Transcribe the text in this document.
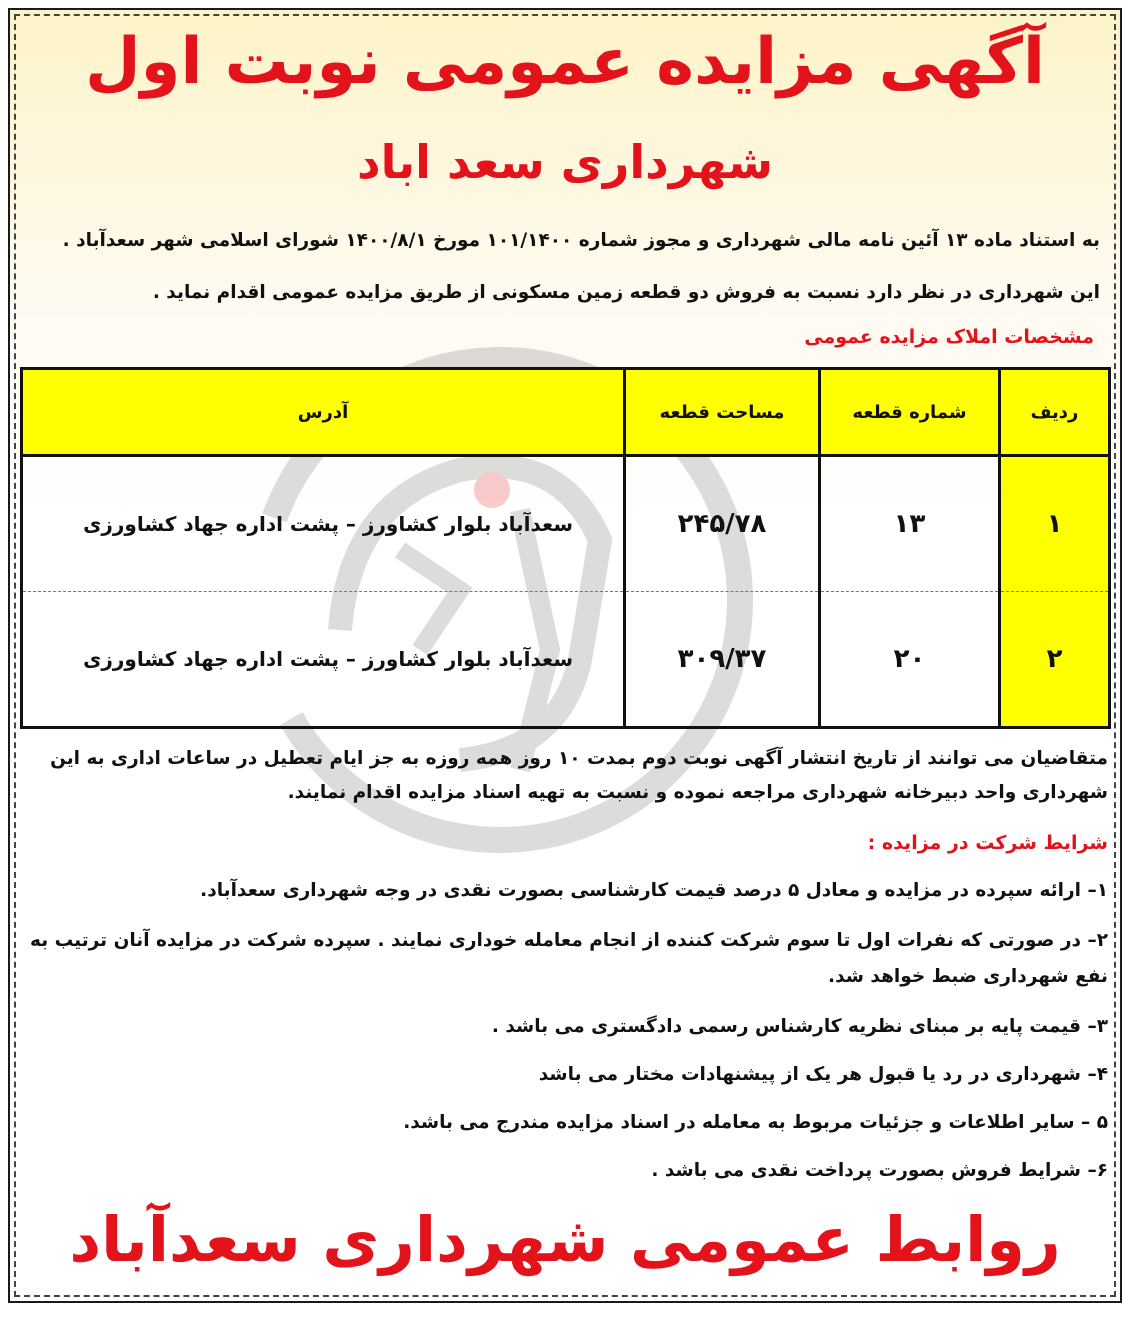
آگهی مزایده عمومی نوبت اول
شهرداری سعد اباد
به استناد ماده ۱۳ آئین نامه مالی شهرداری و مجوز شماره ۱۰۱/۱۴۰۰ مورخ ۱۴۰۰/۸/۱ شورای اسلامی شهر سعدآباد .
این شهرداری در نظر دارد نسبت به فروش دو قطعه زمین مسکونی از طریق مزایده عمومی اقدام نماید .
مشخصات املاک مزایده عمومی
ردیف	شماره قطعه	مساحت قطعه	آدرس
۱	۱۳	۲۴۵/۷۸	سعدآباد بلوار کشاورز – پشت اداره جهاد کشاورزی
۲	۲۰	۳۰۹/۳۷	سعدآباد بلوار کشاورز – پشت اداره جهاد کشاورزی
متقاضیان می توانند از تاریخ انتشار آگهی نوبت دوم بمدت ۱۰ روز همه روزه به جز ایام تعطیل در ساعات اداری به این
شهرداری واحد دبیرخانه شهرداری مراجعه نموده و نسبت به تهیه اسناد مزایده اقدام نمایند.
شرایط شرکت در مزایده :
۱– ارائه سپرده در مزایده و معادل ۵ درصد قیمت کارشناسی بصورت نقدی در وجه شهرداری سعدآباد.
۲– در صورتی که نفرات اول تا سوم شرکت کننده از انجام معامله خوداری نمایند . سپرده شرکت در مزایده آنان ترتیب به
نفع شهرداری ضبط خواهد شد.
۳– قیمت پایه بر مبنای نظریه کارشناس رسمی دادگستری می باشد .
۴– شهرداری در رد یا قبول هر یک از پیشنهادات مختار می باشد
۵ – سایر اطلاعات و جزئیات مربوط به معامله در اسناد مزایده مندرج می باشد.
۶– شرایط فروش بصورت پرداخت نقدی می باشد .
روابط عمومی شهرداری سعدآباد
